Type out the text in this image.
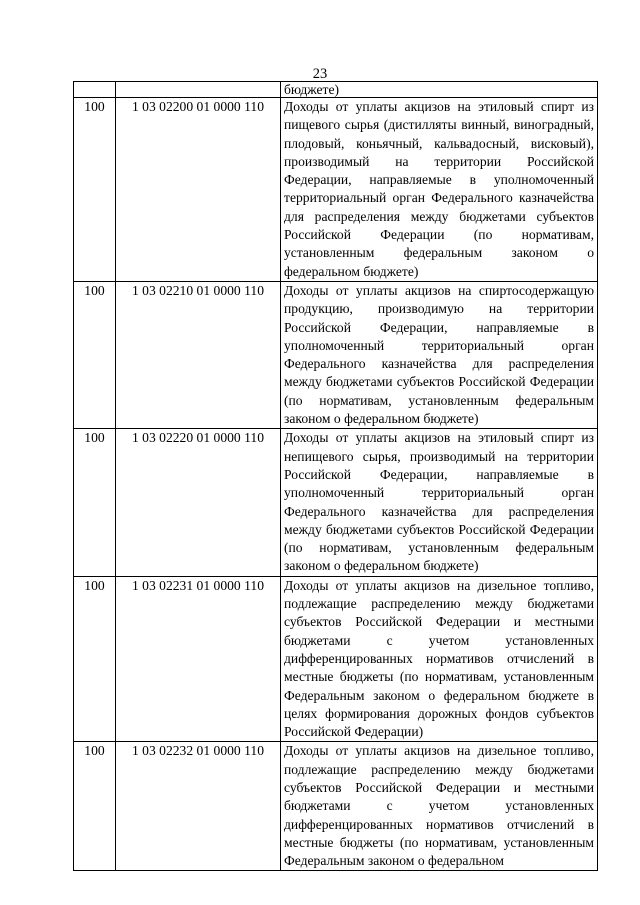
23
		бюджете)
100	1 03 02200 01 0000 110	Доходы от уплаты акцизов на этиловый спирт из пищевого сырья (дистилляты винный, виноградный, плодовый, коньячный, кальвадосный, висковый), производимый на территории Российской Федерации, направляемые в уполномоченный территориальный орган Федерального казначейства для распределения между бюджетами субъектов Российской Федерации (по нормативам, установленным федеральным законом о федеральном бюджете)
100	1 03 02210 01 0000 110	Доходы от уплаты акцизов на спиртосодержащую продукцию, производимую на территории Российской Федерации, направляемые в уполномоченный территориальный орган Федерального казначейства для распределения между бюджетами субъектов Российской Федерации (по нормативам, установленным федеральным законом о федеральном бюджете)
100	1 03 02220 01 0000 110	Доходы от уплаты акцизов на этиловый спирт из непищевого сырья, производимый на территории Российской Федерации, направляемые в уполномоченный территориальный орган Федерального казначейства для распределения между бюджетами субъектов Российской Федерации (по нормативам, установленным федеральным законом о федеральном бюджете)
100	1 03 02231 01 0000 110	Доходы от уплаты акцизов на дизельное топливо, подлежащие распределению между бюджетами субъектов Российской Федерации и местными бюджетами с учетом установленных дифференцированных нормативов отчислений в местные бюджеты (по нормативам, установленным Федеральным законом о федеральном бюджете в целях формирования дорожных фондов субъектов Российской Федерации)
100	1 03 02232 01 0000 110	Доходы от уплаты акцизов на дизельное топливо, подлежащие распределению между бюджетами субъектов Российской Федерации и местными бюджетами с учетом установленных дифференцированных нормативов отчислений в местные бюджеты (по нормативам, установленным Федеральным законом о федеральном
